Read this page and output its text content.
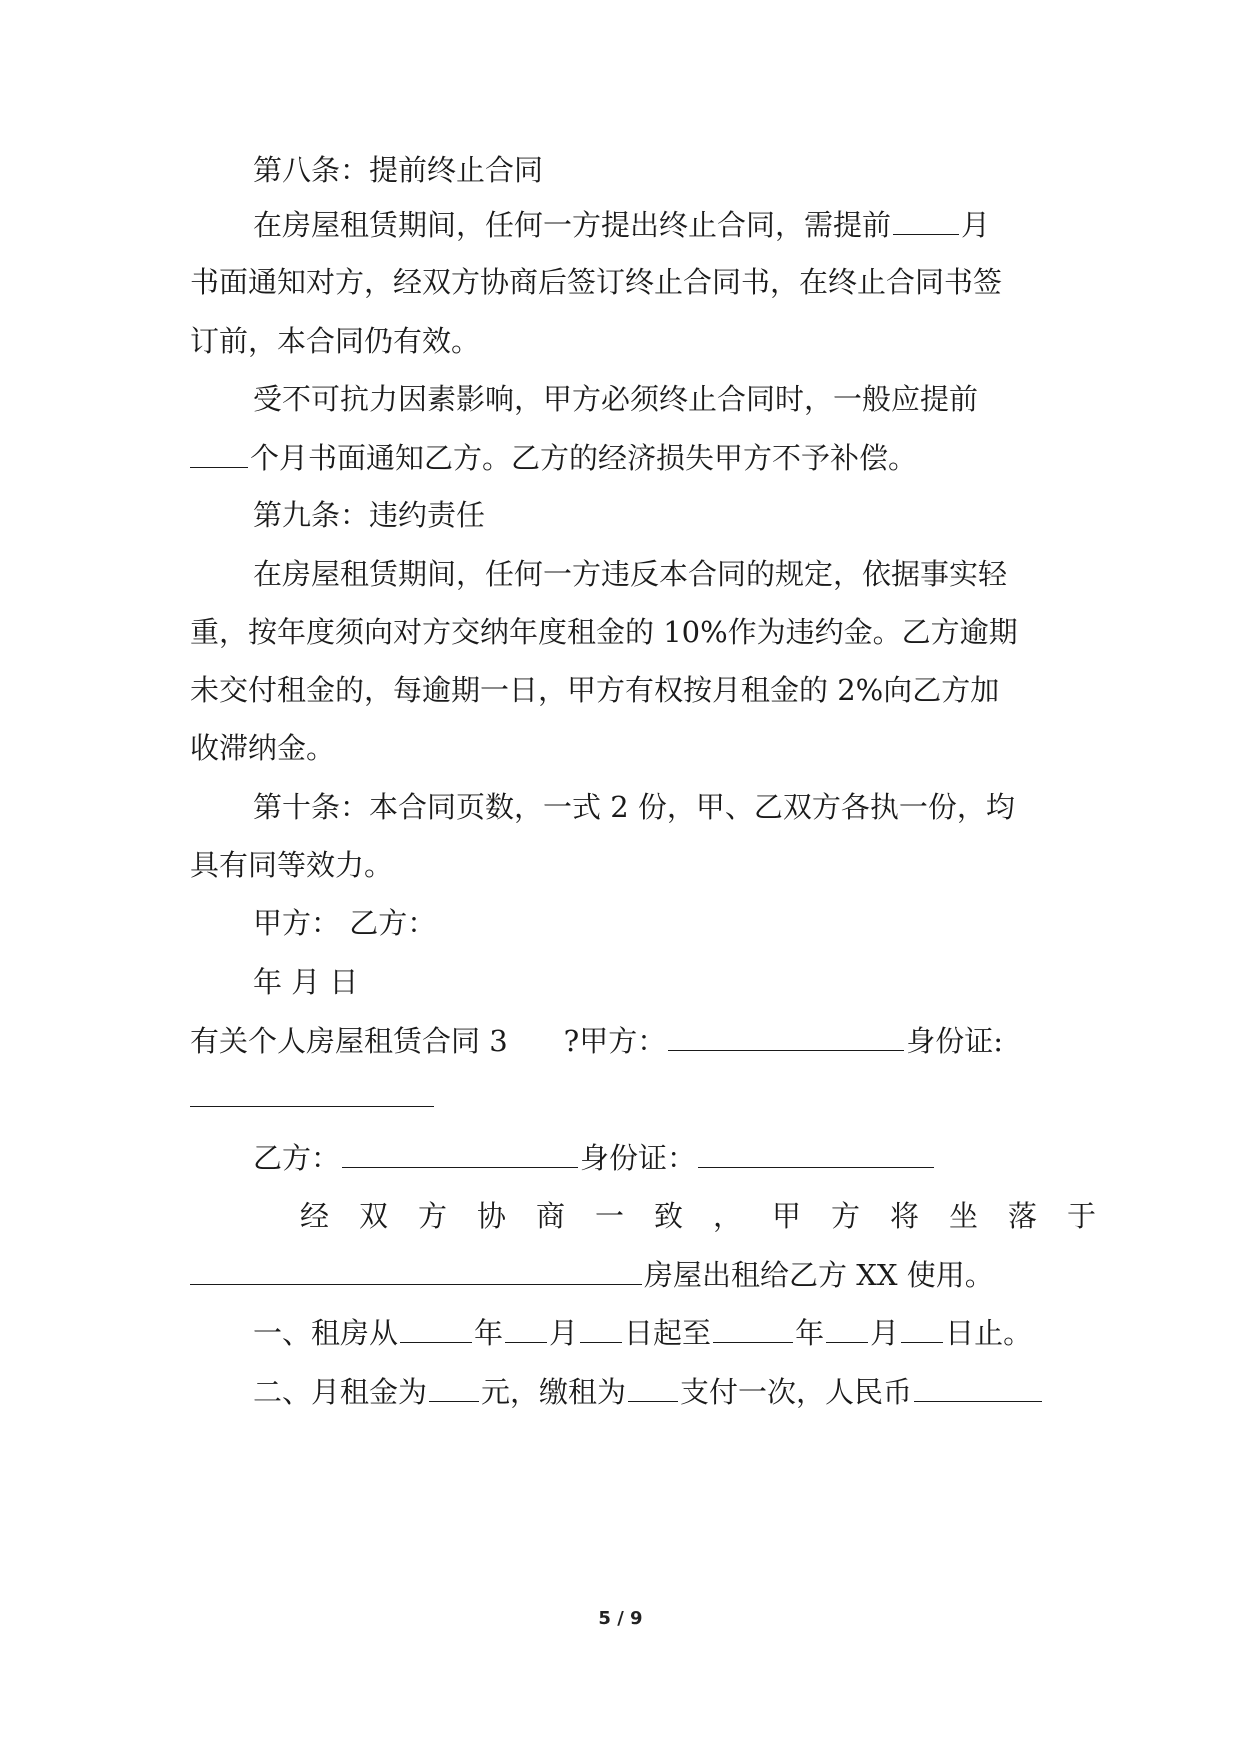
第八条：提前终止合同
在房屋租赁期间，任何一方提出终止合同，需提前 月
书面通知对方，经双方协商后签订终止合同书，在终止合同书签
订前，本合同仍有效。
受不可抗力因素影响，甲方必须终止合同时，一般应提前
个月书面通知乙方。乙方的经济损失甲方不予补偿。
第九条：违约责任
在房屋租赁期间，任何一方违反本合同的规定，依据事实轻
重，按年度须向对方交纳年度租金的 10%作为违约金。乙方逾期
未交付租金的，每逾期一日，甲方有权按月租金的 2%向乙方加
收滞纳金。
第十条：本合同页数，一式 2 份，甲、乙双方各执一份，均
具有同等效力。
甲方： 乙方：
年 月 日
有关个人房屋租赁合同 3 ?甲方：	身份证:
乙方：	身份证：
经双方协商一致，甲方将坐落于
房屋出租给乙方 XX 使用。
一、租房从	年 月 日起至	年 月 日止。
二、月租金为 元，缴租为 支付一次，人民币
5 / 9
